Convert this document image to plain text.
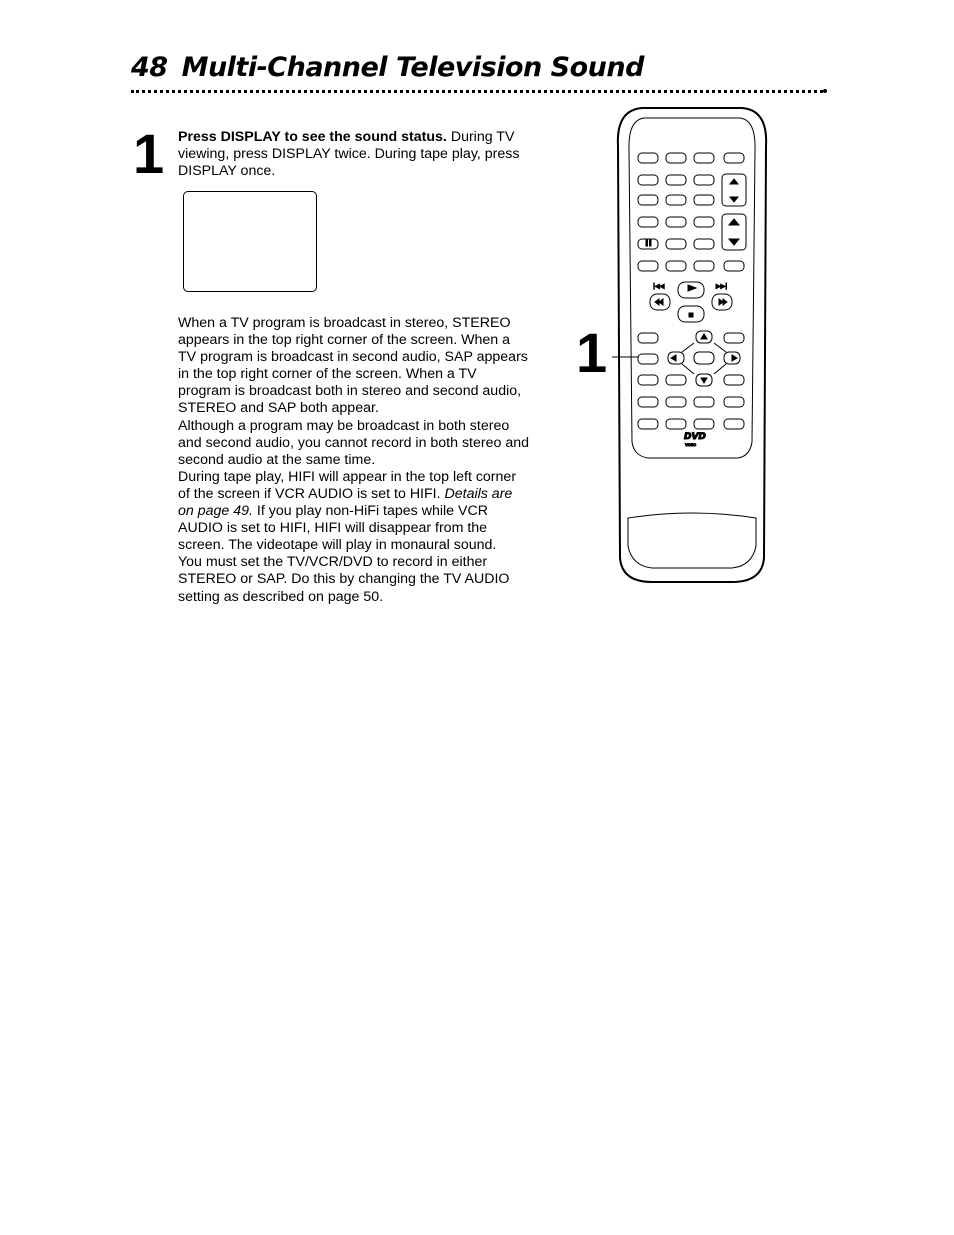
48 Multi-Channel Television Sound
1 Press DISPLAY to see the sound status. During TV viewing, press DISPLAY twice. During tape play, press DISPLAY once.

When a TV program is broadcast in stereo, STEREO appears in the top right corner of the screen. When a TV program is broadcast in second audio, SAP appears in the top right corner of the screen. When a TV program is broadcast both in stereo and second audio, STEREO and SAP both appear.

Although a program may be broadcast in both stereo and second audio, you cannot record in both stereo and second audio at the same time.

During tape play, HIFI will appear in the top left corner of the screen if VCR AUDIO is set to HIFI. Details are on page 49. If you play non-HiFi tapes while VCR AUDIO is set to HIFI, HIFI will disappear from the screen. The videotape will play in monaural sound.

You must set the TV/VCR/DVD to record in either STEREO or SAP. Do this by changing the TV AUDIO setting as described on page 50.

1
|◀◀	▶▶|
DVD
VIDEO
